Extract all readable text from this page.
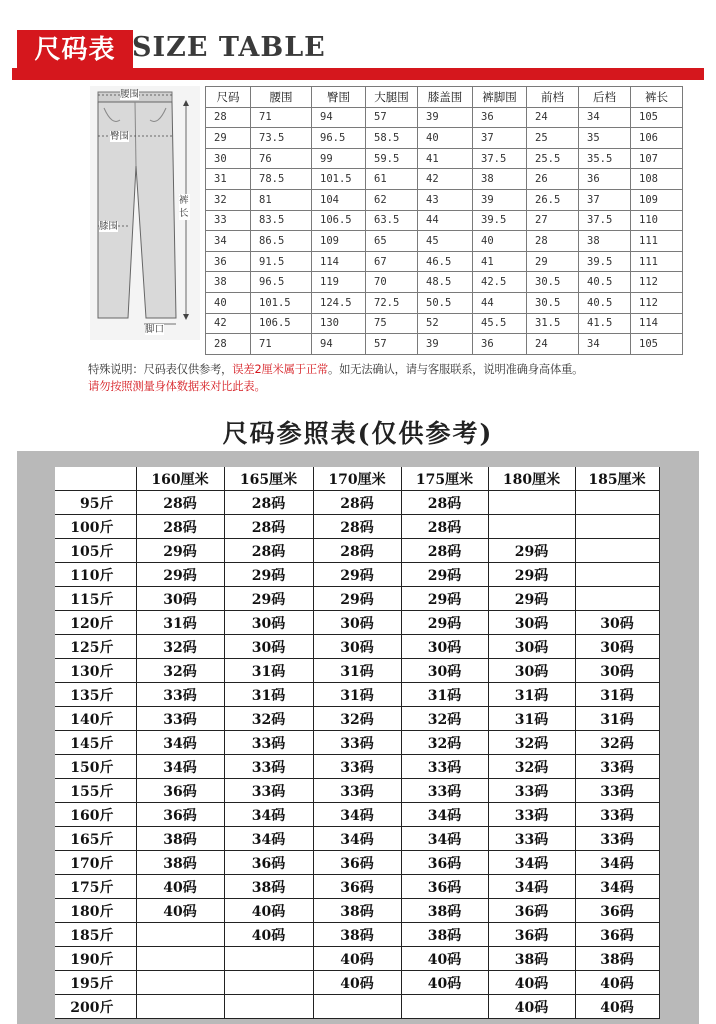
尺码表 SIZE TABLE
腰围
臀围
膝围
裤长
脚口
尺码	腰围	臀围	大腿围	膝盖围	裤脚围	前档	后档	裤长
28	71	94	57	39	36	24	34	105
29	73.5	96.5	58.5	40	37	25	35	106
30	76	99	59.5	41	37.5	25.5	35.5	107
31	78.5	101.5	61	42	38	26	36	108
32	81	104	62	43	39	26.5	37	109
33	83.5	106.5	63.5	44	39.5	27	37.5	110
34	86.5	109	65	45	40	28	38	111
36	91.5	114	67	46.5	41	29	39.5	111
38	96.5	119	70	48.5	42.5	30.5	40.5	112
40	101.5	124.5	72.5	50.5	44	30.5	40.5	112
42	106.5	130	75	52	45.5	31.5	41.5	114
28	71	94	57	39	36	24	34	105
特殊说明：尺码表仅供参考，误差2厘米属于正常。如无法确认，请与客服联系，说明准确身高体重。
请勿按照测量身体数据来对比此表。
尺码参照表(仅供参考)
	160厘米	165厘米	170厘米	175厘米	180厘米	185厘米
95斤	28码	28码	28码	28码		
100斤	28码	28码	28码	28码		
105斤	29码	28码	28码	28码	29码	
110斤	29码	29码	29码	29码	29码	
115斤	30码	29码	29码	29码	29码	
120斤	31码	30码	30码	29码	30码	30码
125斤	32码	30码	30码	30码	30码	30码
130斤	32码	31码	31码	30码	30码	30码
135斤	33码	31码	31码	31码	31码	31码
140斤	33码	32码	32码	32码	31码	31码
145斤	34码	33码	33码	32码	32码	32码
150斤	34码	33码	33码	33码	32码	33码
155斤	36码	33码	33码	33码	33码	33码
160斤	36码	34码	34码	34码	33码	33码
165斤	38码	34码	34码	34码	33码	33码
170斤	38码	36码	36码	36码	34码	34码
175斤	40码	38码	36码	36码	34码	34码
180斤	40码	40码	38码	38码	36码	36码
185斤		40码	38码	38码	36码	36码
190斤			40码	40码	38码	38码
195斤			40码	40码	40码	40码
200斤					40码	40码
